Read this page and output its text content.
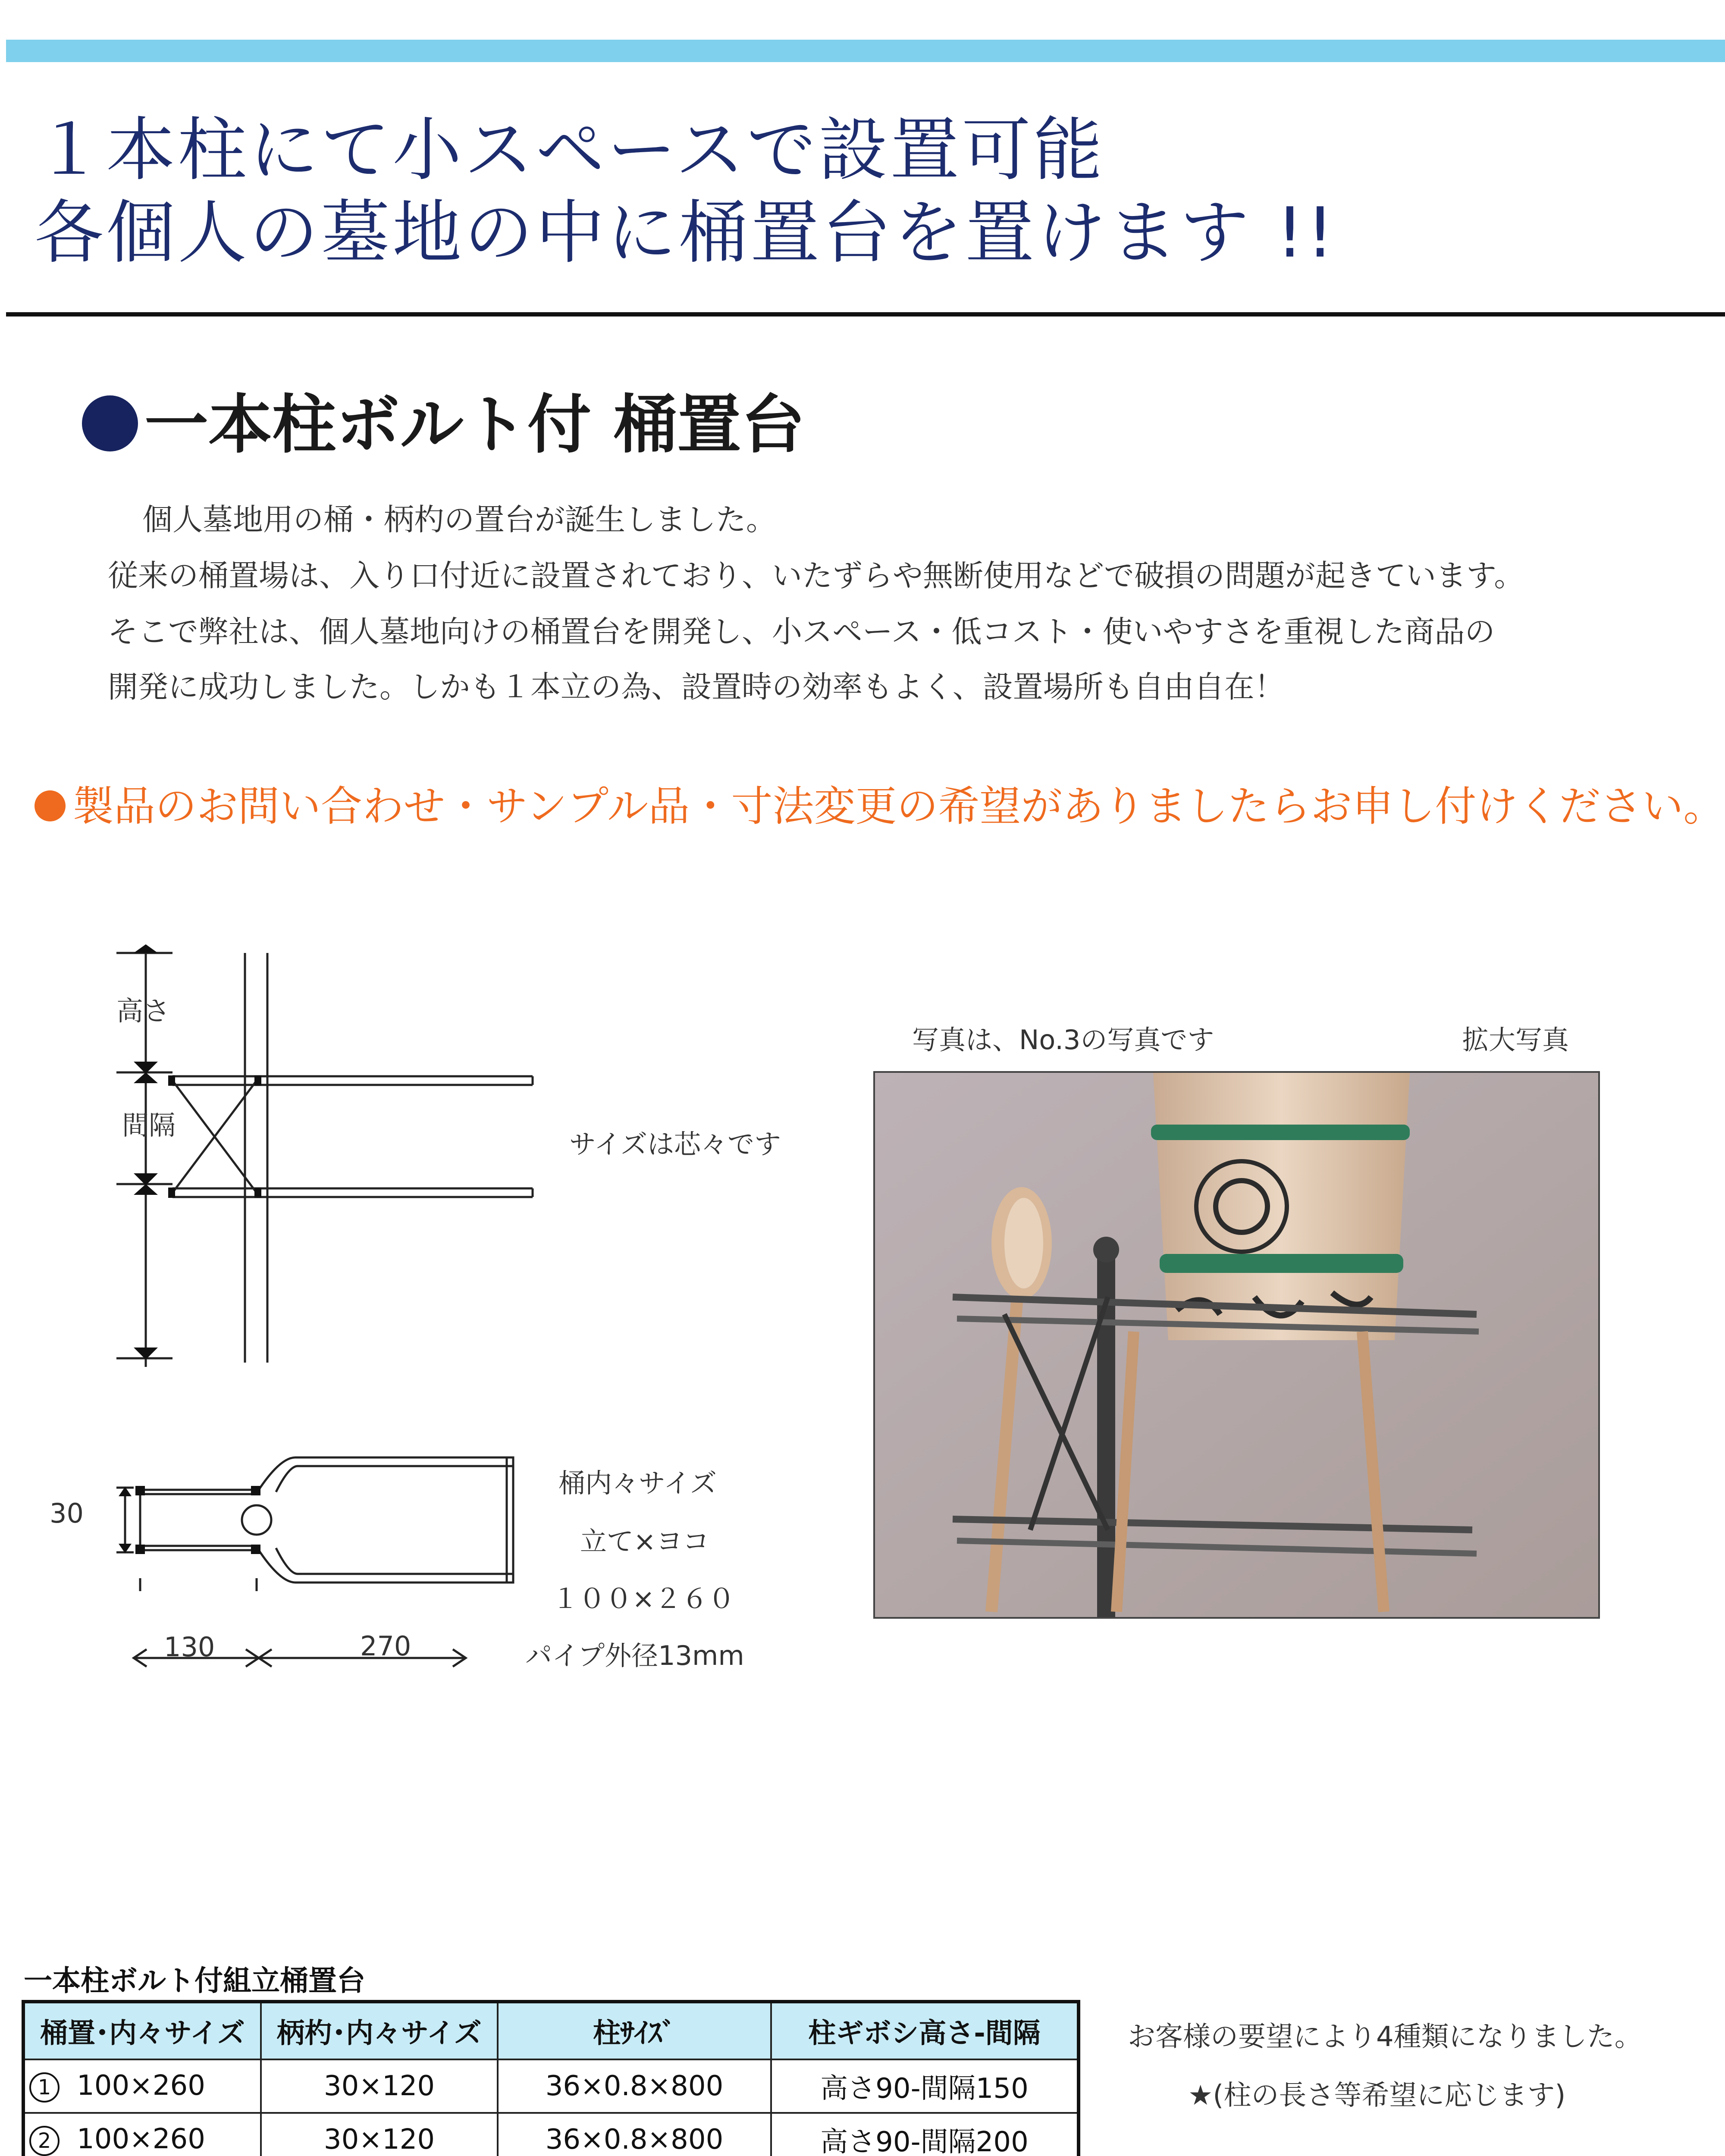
１本柱にて小スペースで設置可能
各個人の墓地の中に桶置台を置けます !!
一本柱ボルト付 桶置台
個人墓地用の桶・柄杓の置台が誕生しました。
従来の桶置場は、入り口付近に設置されており、いたずらや無断使用などで破損の問題が起きています。
そこで弊社は、個人墓地向けの桶置台を開発し、小スペース・低コスト・使いやすさを重視した商品の
開発に成功しました。しかも１本立の為、設置時の効率もよく、設置場所も自由自在！
製品のお問い合わせ・サンプル品・寸法変更の希望がありましたらお申し付けください。
高さ
間隔
サイズは芯々です
30
130	270
桶内々サイズ
立て×ヨコ
１００×２６０
パイプ外径13mm
写真は、No.3の写真です	拡大写真
一本柱ボルト付組立桶置台
桶置･内々サイズ	柄杓･内々サイズ	柱ｻｲｽﾞ	柱ギボシ高さ-間隔
1 100×260	30×120	36×0.8×800	高さ90-間隔150
2 100×260	30×120	36×0.8×800	高さ90-間隔200

お客様の要望により4種類になりました。
★(柱の長さ等希望に応じます)
